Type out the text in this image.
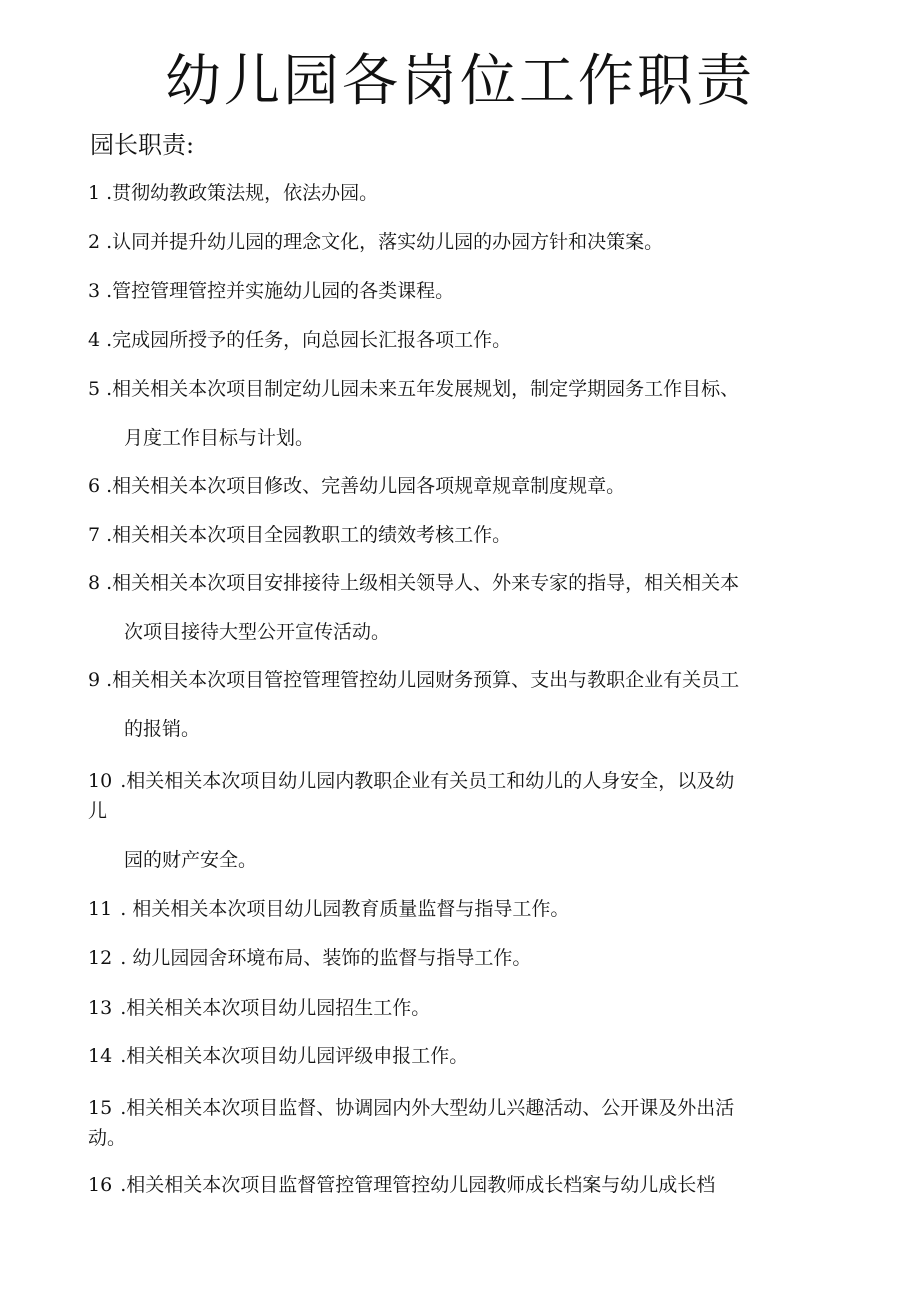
幼儿园各岗位工作职责
园长职责:

1 .贯彻幼教政策法规，依法办园。

2 .认同并提升幼儿园的理念文化，落实幼儿园的办园方针和决策案。

3 .管控管理管控并实施幼儿园的各类课程。

4 .完成园所授予的任务，向总园长汇报各项工作。

5 .相关相关本次项目制定幼儿园未来五年发展规划，制定学期园务工作目标、
月度工作目标与计划。

6 .相关相关本次项目修改、完善幼儿园各项规章规章制度规章。

7 .相关相关本次项目全园教职工的绩效考核工作。

8 .相关相关本次项目安排接待上级相关领导人、外来专家的指导，相关相关本
次项目接待大型公开宣传活动。

9 .相关相关本次项目管控管理管控幼儿园财务预算、支出与教职企业有关员工
的报销。

10 .相关相关本次项目幼儿园内教职企业有关员工和幼儿的人身安全，以及幼
儿
园的财产安全。

11 . 相关相关本次项目幼儿园教育质量监督与指导工作。

12 . 幼儿园园舍环境布局、装饰的监督与指导工作。

13 .相关相关本次项目幼儿园招生工作。

14 .相关相关本次项目幼儿园评级申报工作。

15 .相关相关本次项目监督、协调园内外大型幼儿兴趣活动、公开课及外出活
动。

16 .相关相关本次项目监督管控管理管控幼儿园教师成长档案与幼儿成长档
